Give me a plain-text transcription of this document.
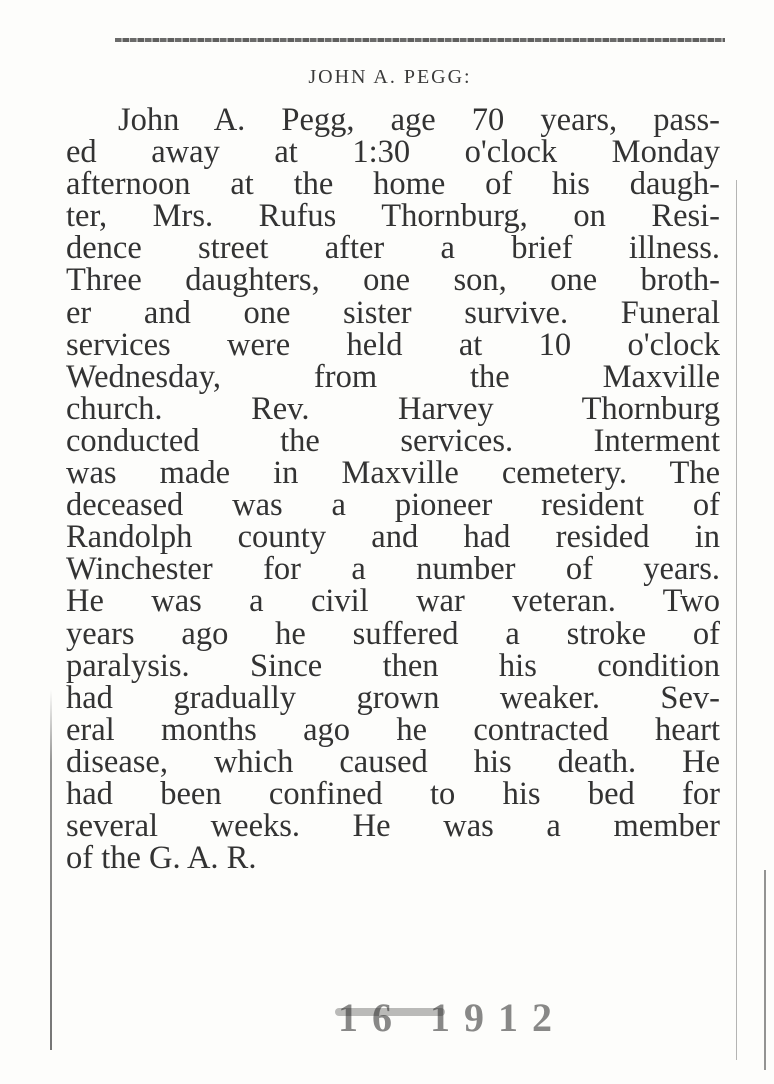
JOHN A. PEGG:
John A. Pegg, age 70 years, pass-
ed away at 1:30 o'clock Monday
afternoon at the home of his daugh-
ter, Mrs. Rufus Thornburg, on Resi-
dence street after a brief illness.
Three daughters, one son, one broth-
er and one sister survive. Funeral
services were held at 10 o'clock
Wednesday, from the Maxville
church. Rev. Harvey Thornburg
conducted the services. Interment
was made in Maxville cemetery. The
deceased was a pioneer resident of
Randolph county and had resided in
Winchester for a number of years.
He was a civil war veteran. Two
years ago he suffered a stroke of
paralysis. Since then his condition
had gradually grown weaker. Sev-
eral months ago he contracted heart
disease, which caused his death. He
had been confined to his bed for
several weeks. He was a member
of the G. A. R.
16 1912
